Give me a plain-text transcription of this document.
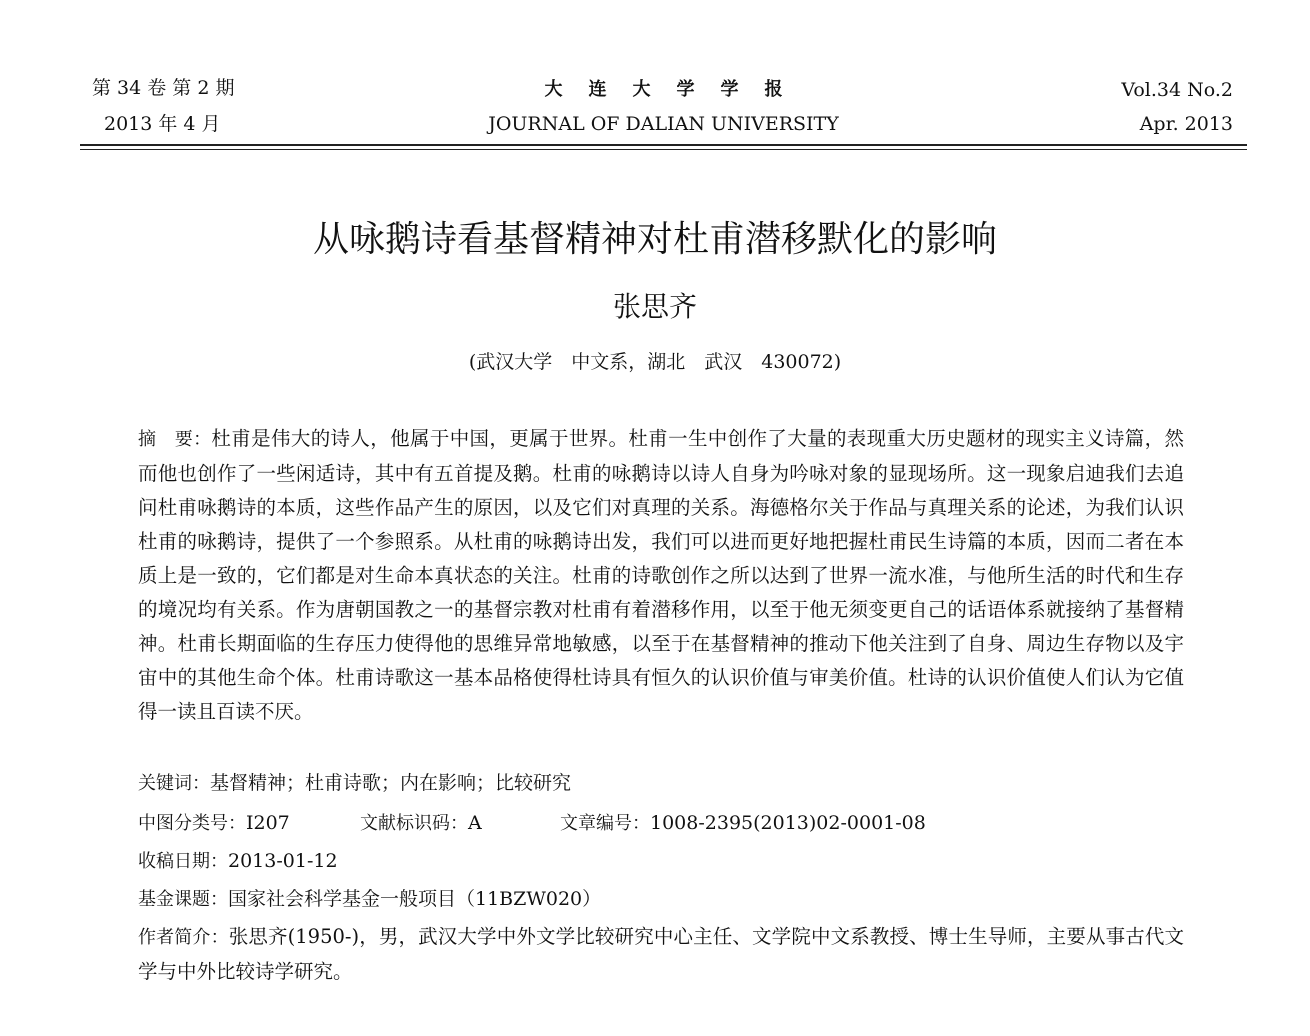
第 34 卷 第 2 期
2013 年 4 月
大连大学学报
JOURNAL OF DALIAN UNIVERSITY
Vol.34 No.2
Apr. 2013
从咏鹅诗看基督精神对杜甫潜移默化的影响
张思齐
(武汉大学　中文系，湖北　武汉　430072)
摘　要：杜甫是伟大的诗人，他属于中国，更属于世界。杜甫一生中创作了大量的表现重大历史题材的现实主义诗篇，然而他也创作了一些闲适诗，其中有五首提及鹅。杜甫的咏鹅诗以诗人自身为吟咏对象的显现场所。这一现象启迪我们去追问杜甫咏鹅诗的本质，这些作品产生的原因，以及它们对真理的关系。海德格尔关于作品与真理关系的论述，为我们认识杜甫的咏鹅诗，提供了一个参照系。从杜甫的咏鹅诗出发，我们可以进而更好地把握杜甫民生诗篇的本质，因而二者在本质上是一致的，它们都是对生命本真状态的关注。杜甫的诗歌创作之所以达到了世界一流水准，与他所生活的时代和生存的境况均有关系。作为唐朝国教之一的基督宗教对杜甫有着潜移作用，以至于他无须变更自己的话语体系就接纳了基督精神。杜甫长期面临的生存压力使得他的思维异常地敏感，以至于在基督精神的推动下他关注到了自身、周边生存物以及宇宙中的其他生命个体。杜甫诗歌这一基本品格使得杜诗具有恒久的认识价值与审美价值。杜诗的认识价值使人们认为它值得一读且百读不厌。
关键词：基督精神；杜甫诗歌；内在影响；比较研究
中图分类号：I207	文献标识码：A	文章编号：1008-2395(2013)02-0001-08
收稿日期：2013-01-12
基金课题：国家社会科学基金一般项目（11BZW020）
作者简介：张思齐(1950-)，男，武汉大学中外文学比较研究中心主任、文学院中文系教授、博士生导师，主要从事古代文学与中外比较诗学研究。
